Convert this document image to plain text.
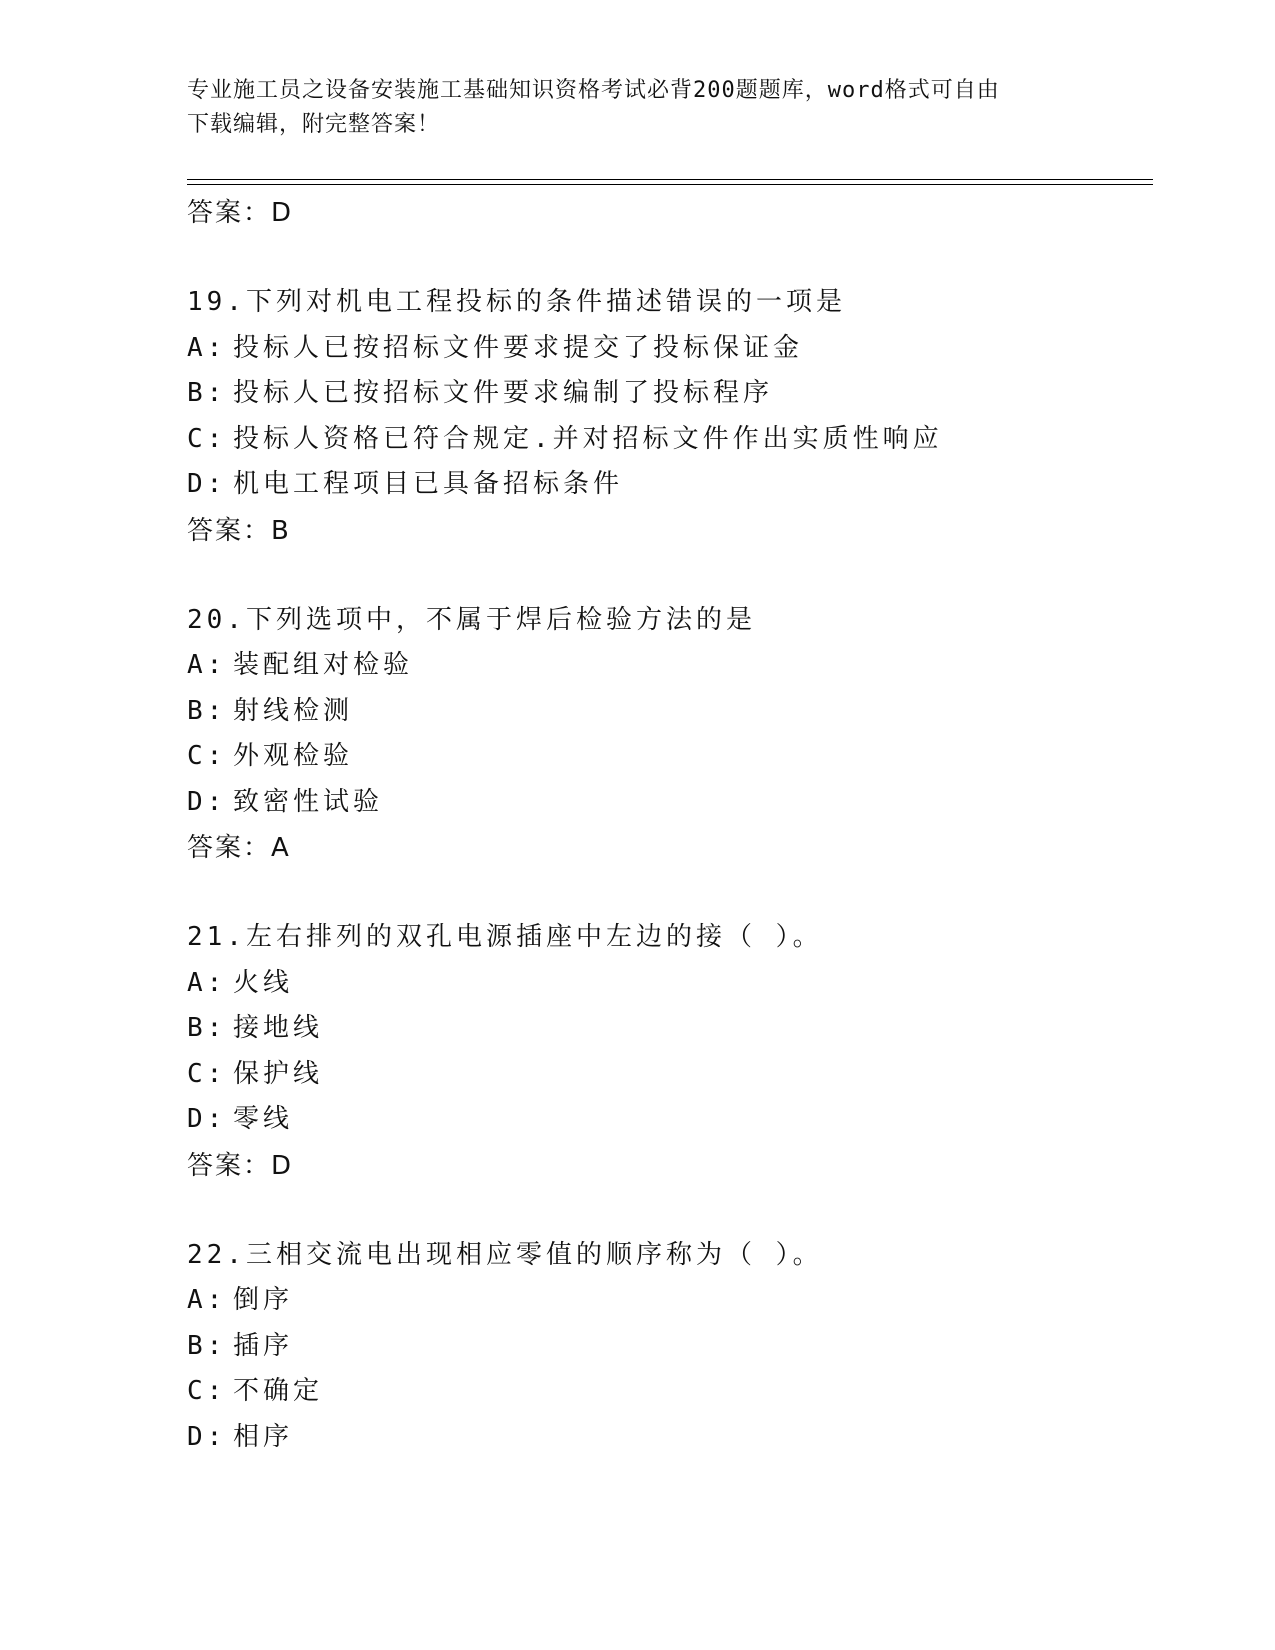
专业施工员之设备安装施工基础知识资格考试必背200题题库，word格式可自由
下载编辑，附完整答案！
答案：D
19.下列对机电工程投标的条件描述错误的一项是
A: 投标人已按招标文件要求提交了投标保证金
B: 投标人已按招标文件要求编制了投标程序
C: 投标人资格已符合规定.并对招标文件作出实质性响应
D: 机电工程项目已具备招标条件
答案：B
20.下列选项中，不属于焊后检验方法的是
A: 装配组对检验
B: 射线检测
C: 外观检验
D: 致密性试验
答案：A
21.左右排列的双孔电源插座中左边的接（ ）。
A: 火线
B: 接地线
C: 保护线
D: 零线
答案：D
22.三相交流电出现相应零值的顺序称为（ ）。
A: 倒序
B: 插序
C: 不确定
D: 相序
